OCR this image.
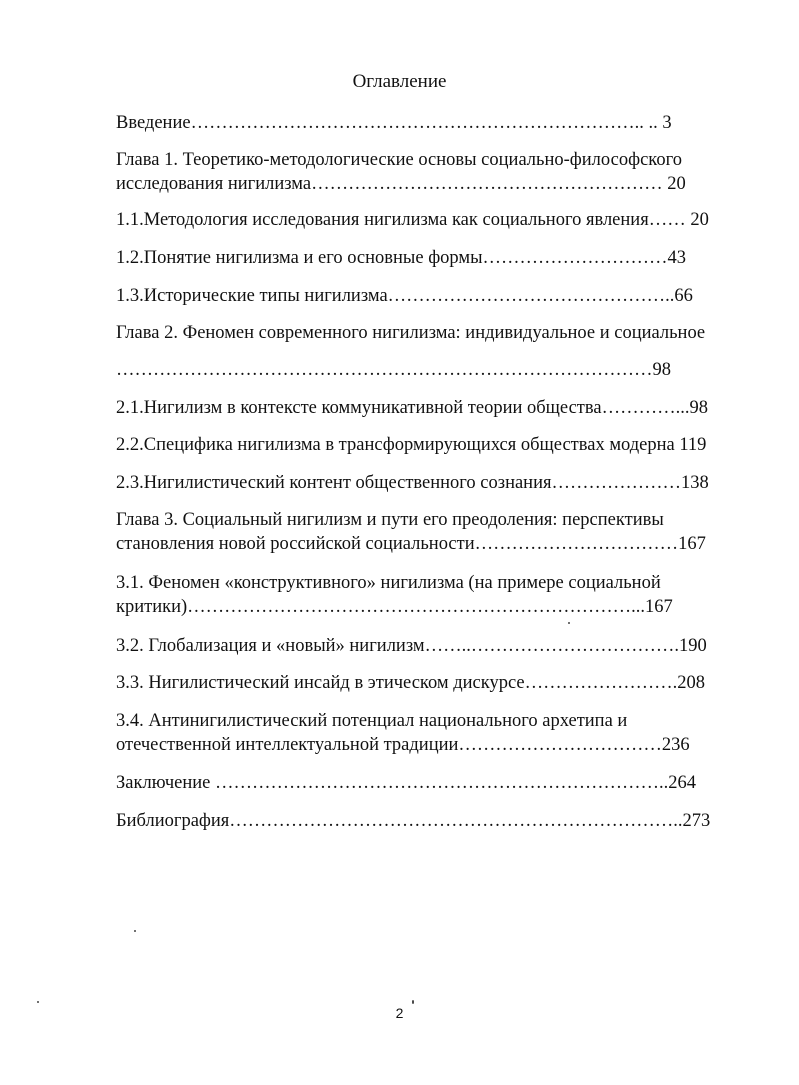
Оглавление
Введение……………………………………………………………….. .. 3
Глава 1. Теоретико-методологические основы социально-философского
исследования нигилизма………………………………………………… 20
1.1.Методология исследования нигилизма как социального явления…… 20
1.2.Понятие нигилизма и его основные формы…………………………43
1.3.Исторические типы нигилизма………………………………………..66
Глава 2. Феномен современного нигилизма: индивидуальное и социальное
……………………………………………………………………………98
2.1.Нигилизм в контексте коммуникативной теории общества…………...98
2.2.Специфика нигилизма в трансформирующихся обществах модерна 119
2.3.Нигилистический контент общественного сознания…………………138
Глава 3. Социальный нигилизм и пути его преодоления: перспективы
становления новой российской социальности……………………………167
3.1. Феномен «конструктивного» нигилизма (на примере социальной
критики)………………………………………………………………...167
3.2. Глобализация и «новый» нигилизм……..…………………………….190
3.3. Нигилистический инсайд в этическом дискурсе…………………….208
3.4. Антинигилистический потенциал национального архетипа и
отечественной интеллектуальной традиции……………………………236
Заключение ………………………………………………………………..264
Библиография………………………………………………………………..273
2
